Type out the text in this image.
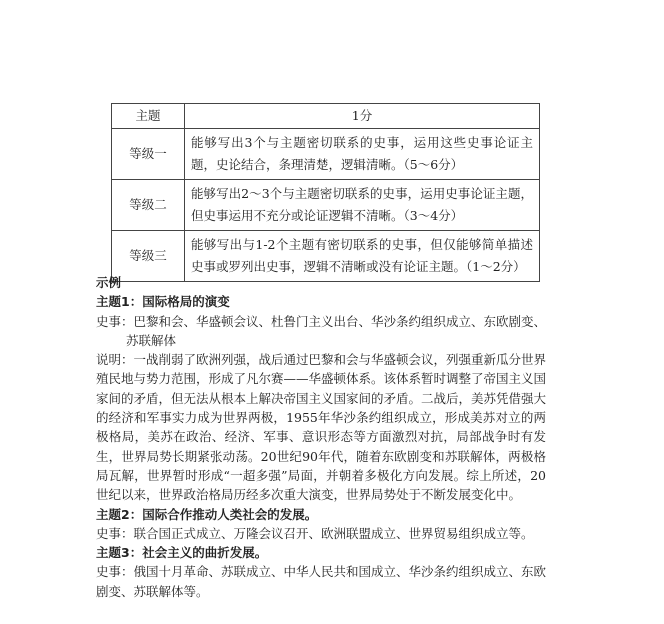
主题	1分
等级一	能够写出3个与主题密切联系的史事，运用这些史事论证主题，史论结合，条理清楚，逻辑清晰。（5～6分）
等级二	能够写出2～3个与主题密切联系的史事，运用史事论证主题，但史事运用不充分或论证逻辑不清晰。（3～4分）
等级三	能够写出与1-2个主题有密切联系的史事，但仅能够简单描述史事或罗列出史事，逻辑不清晰或没有论证主题。（1～2分）

示例

主题1：国际格局的演变

史事：巴黎和会、华盛顿会议、杜鲁门主义出台、华沙条约组织成立、东欧剧变、

苏联解体

说明：一战削弱了欧洲列强，战后通过巴黎和会与华盛顿会议，列强重新瓜分世界殖民地与势力范围，形成了凡尔赛——华盛顿体系。该体系暂时调整了帝国主义国家间的矛盾，但无法从根本上解决帝国主义国家间的矛盾。二战后，美苏凭借强大的经济和军事实力成为世界两极，1955年华沙条约组织成立，形成美苏对立的两极格局，美苏在政治、经济、军事、意识形态等方面激烈对抗，局部战争时有发生，世界局势长期紧张动荡。20世纪90年代，随着东欧剧变和苏联解体，两极格局瓦解，世界暂时形成“一超多强”局面，并朝着多极化方向发展。综上所述，20世纪以来，世界政治格局历经多次重大演变，世界局势处于不断发展变化中。

主题2：国际合作推动人类社会的发展。

史事：联合国正式成立、万隆会议召开、欧洲联盟成立、世界贸易组织成立等。

主题3：社会主义的曲折发展。

史事：俄国十月革命、苏联成立、中华人民共和国成立、华沙条约组织成立、东欧剧变、苏联解体等。
